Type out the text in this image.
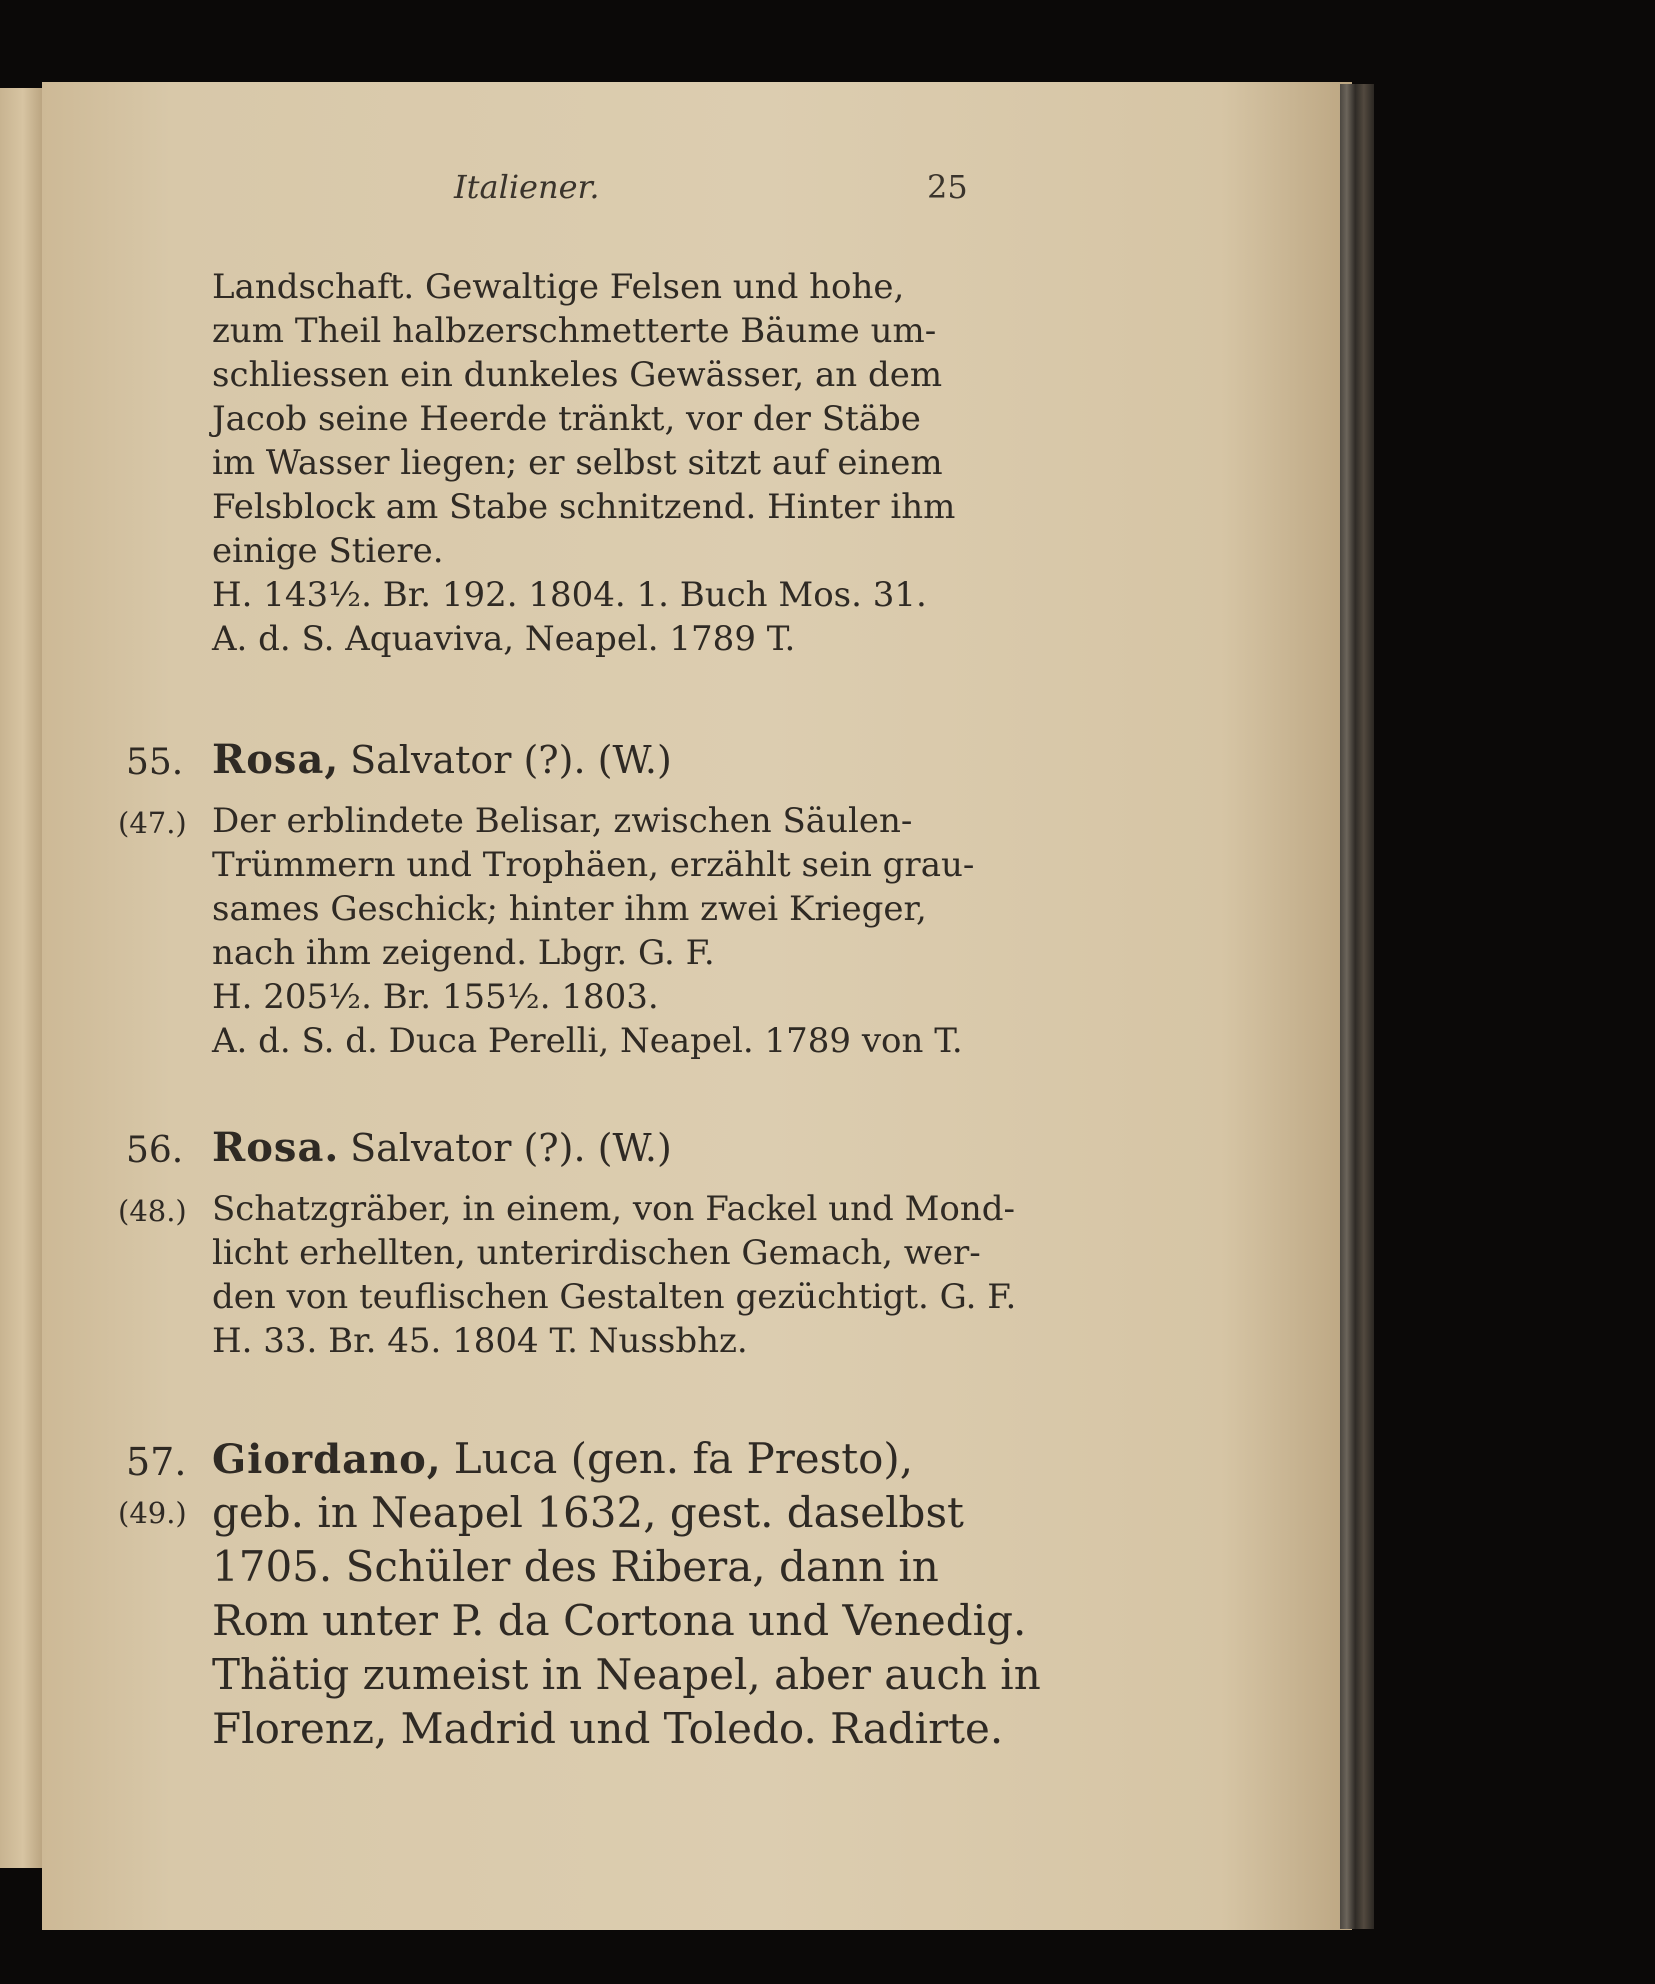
Italiener.	25
Landschaft. Gewaltige Felsen und hohe,
zum Theil halbzerschmetterte Bäume um-
schliessen ein dunkeles Gewässer, an dem
Jacob seine Heerde tränkt, vor der Stäbe
im Wasser liegen; er selbst sitzt auf einem
Felsblock am Stabe schnitzend. Hinter ihm
einige Stiere.
H. 143½. Br. 192. 1804. 1. Buch Mos. 31.
A. d. S. Aquaviva, Neapel. 1789 T.
55. Rosa, Salvator (?). (W.)
(47.) Der erblindete Belisar, zwischen Säulen-
Trümmern und Trophäen, erzählt sein grau-
sames Geschick; hinter ihm zwei Krieger,
nach ihm zeigend. Lbgr. G. F.
H. 205½. Br. 155½. 1803.
A. d. S. d. Duca Perelli, Neapel. 1789 von T.
56. Rosa. Salvator (?). (W.)
(48.) Schatzgräber, in einem, von Fackel und Mond-
licht erhellten, unterirdischen Gemach, wer-
den von teuflischen Gestalten gezüchtigt. G. F.
H. 33. Br. 45. 1804 T. Nussbhz.
57. Giordano, Luca (gen. fa Presto),
(49.) geb. in Neapel 1632, gest. daselbst
1705. Schüler des Ribera, dann in
Rom unter P. da Cortona und Venedig.
Thätig zumeist in Neapel, aber auch in
Florenz, Madrid und Toledo. Radirte.
